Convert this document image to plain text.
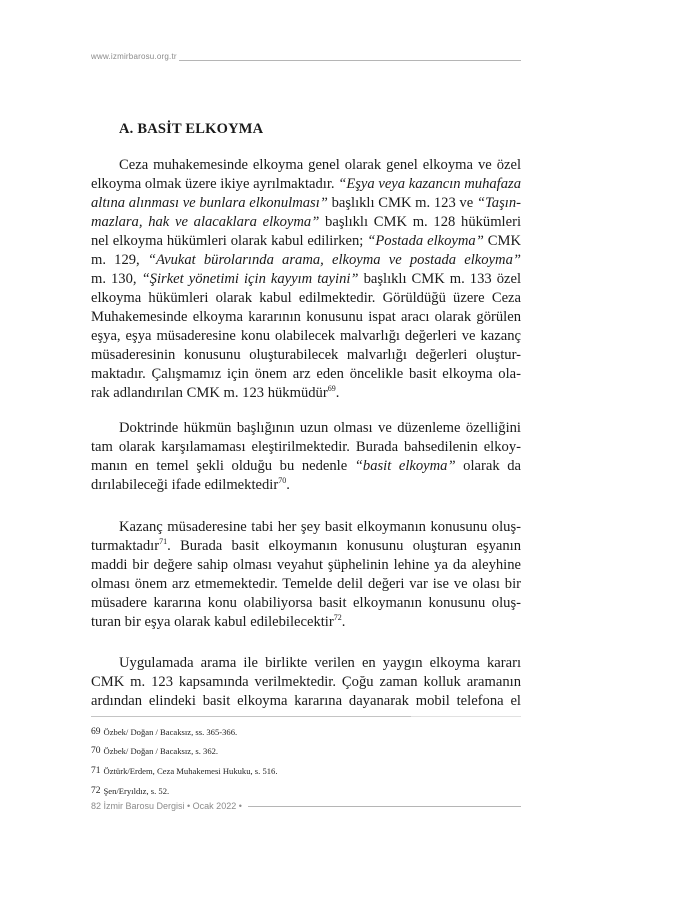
www.izmirbarosu.org.tr
A. BASİT ELKOYMA
Ceza muhakemesinde elkoyma genel olarak genel elkoyma ve özel
elkoyma olmak üzere ikiye ayrılmaktadır. “Eşya veya kazancın muhafaza
altına alınması ve bunlara elkonulması” başlıklı CMK m. 123 ve “Taşın-
mazlara, hak ve alacaklara elkoyma” başlıklı CMK m. 128 hükümleri
nel elkoyma hükümleri olarak kabul edilirken; “Postada elkoyma” CMK
m. 129, “Avukat bürolarında arama, elkoyma ve postada elkoyma”
m. 130, “Şirket yönetimi için kayyım tayini” başlıklı CMK m. 133 özel
elkoyma hükümleri olarak kabul edilmektedir. Görüldüğü üzere Ceza
Muhakemesinde elkoyma kararının konusunu ispat aracı olarak görülen
eşya, eşya müsaderesine konu olabilecek malvarlığı değerleri ve kazanç
müsaderesinin konusunu oluşturabilecek malvarlığı değerleri oluştur-
maktadır. Çalışmamız için önem arz eden öncelikle basit elkoyma ola-
rak adlandırılan CMK m. 123 hükmüdür$^{69}$.
Doktrinde hükmün başlığının uzun olması ve düzenleme özelliğini
tam olarak karşılamaması eleştirilmektedir. Burada bahsedilenin elkoy-
manın en temel şekli olduğu bu nedenle “basit elkoyma” olarak da
dırılabileceği ifade edilmektedir$^{70}$.
Kazanç müsaderesine tabi her şey basit elkoymanın konusunu oluş-
turmaktadır$^{71}$. Burada basit elkoymanın konusunu oluşturan eşyanın
maddi bir değere sahip olması veyahut şüphelinin lehine ya da aleyhine
olması önem arz etmemektedir. Temelde delil değeri var ise ve olası bir
müsadere kararına konu olabiliyorsa basit elkoymanın konusunu oluş-
turan bir eşya olarak kabul edilebilecektir$^{72}$.
Uygulamada arama ile birlikte verilen en yaygın elkoyma kararı
CMK m. 123 kapsamında verilmektedir. Çoğu zaman kolluk aramanın
ardından elindeki basit elkoyma kararına dayanarak mobil telefona el
69 Özbek/ Doğan / Bacaksız, ss. 365-366.
70 Özbek/ Doğan / Bacaksız, s. 362.
71 Öztürk/Erdem, Ceza Muhakemesi Hukuku, s. 516.
72 Şen/Eryıldız, s. 52.
82 İzmir Barosu Dergisi • Ocak 2022 •
